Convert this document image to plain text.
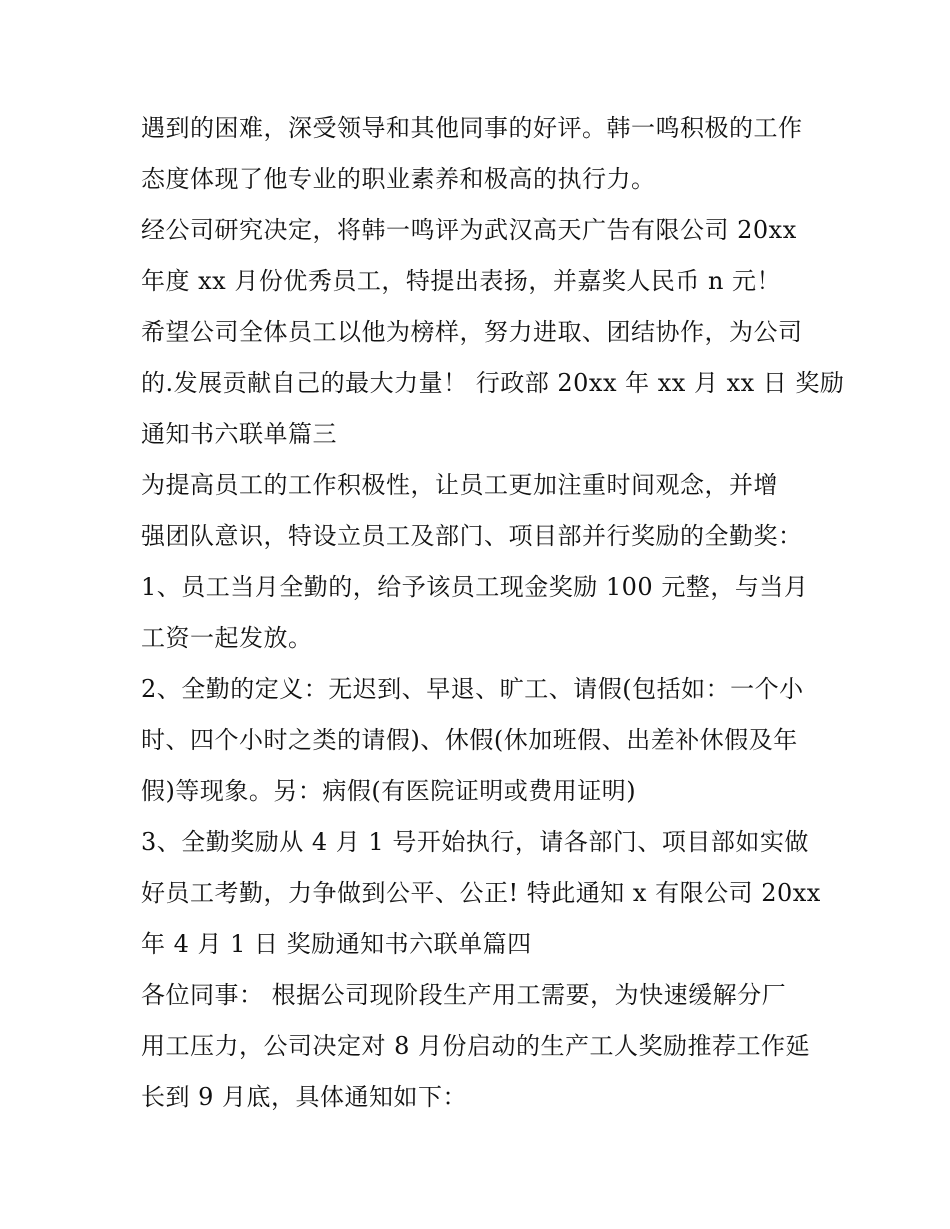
遇到的困难，深受领导和其他同事的好评。韩一鸣积极的工作
态度体现了他专业的职业素养和极高的执行力。
经公司研究决定，将韩一鸣评为武汉高天广告有限公司 20xx
年度 xx 月份优秀员工，特提出表扬，并嘉奖人民币 n 元！
希望公司全体员工以他为榜样，努力进取、团结协作，为公司
的.发展贡献自己的最大力量！ 行政部 20xx 年 xx 月 xx 日 奖励
通知书六联单篇三
为提高员工的工作积极性，让员工更加注重时间观念，并增
强团队意识，特设立员工及部门、项目部并行奖励的全勤奖：
1、员工当月全勤的，给予该员工现金奖励 100 元整，与当月
工资一起发放。
2、全勤的定义：无迟到、早退、旷工、请假(包括如：一个小
时、四个小时之类的请假)、休假(休加班假、出差补休假及年
假)等现象。另：病假(有医院证明或费用证明)
3、全勤奖励从 4 月 1 号开始执行，请各部门、项目部如实做
好员工考勤，力争做到公平、公正! 特此通知 x 有限公司 20xx
年 4 月 1 日 奖励通知书六联单篇四
各位同事： 根据公司现阶段生产用工需要，为快速缓解分厂
用工压力，公司决定对 8 月份启动的生产工人奖励推荐工作延
长到 9 月底，具体通知如下：
